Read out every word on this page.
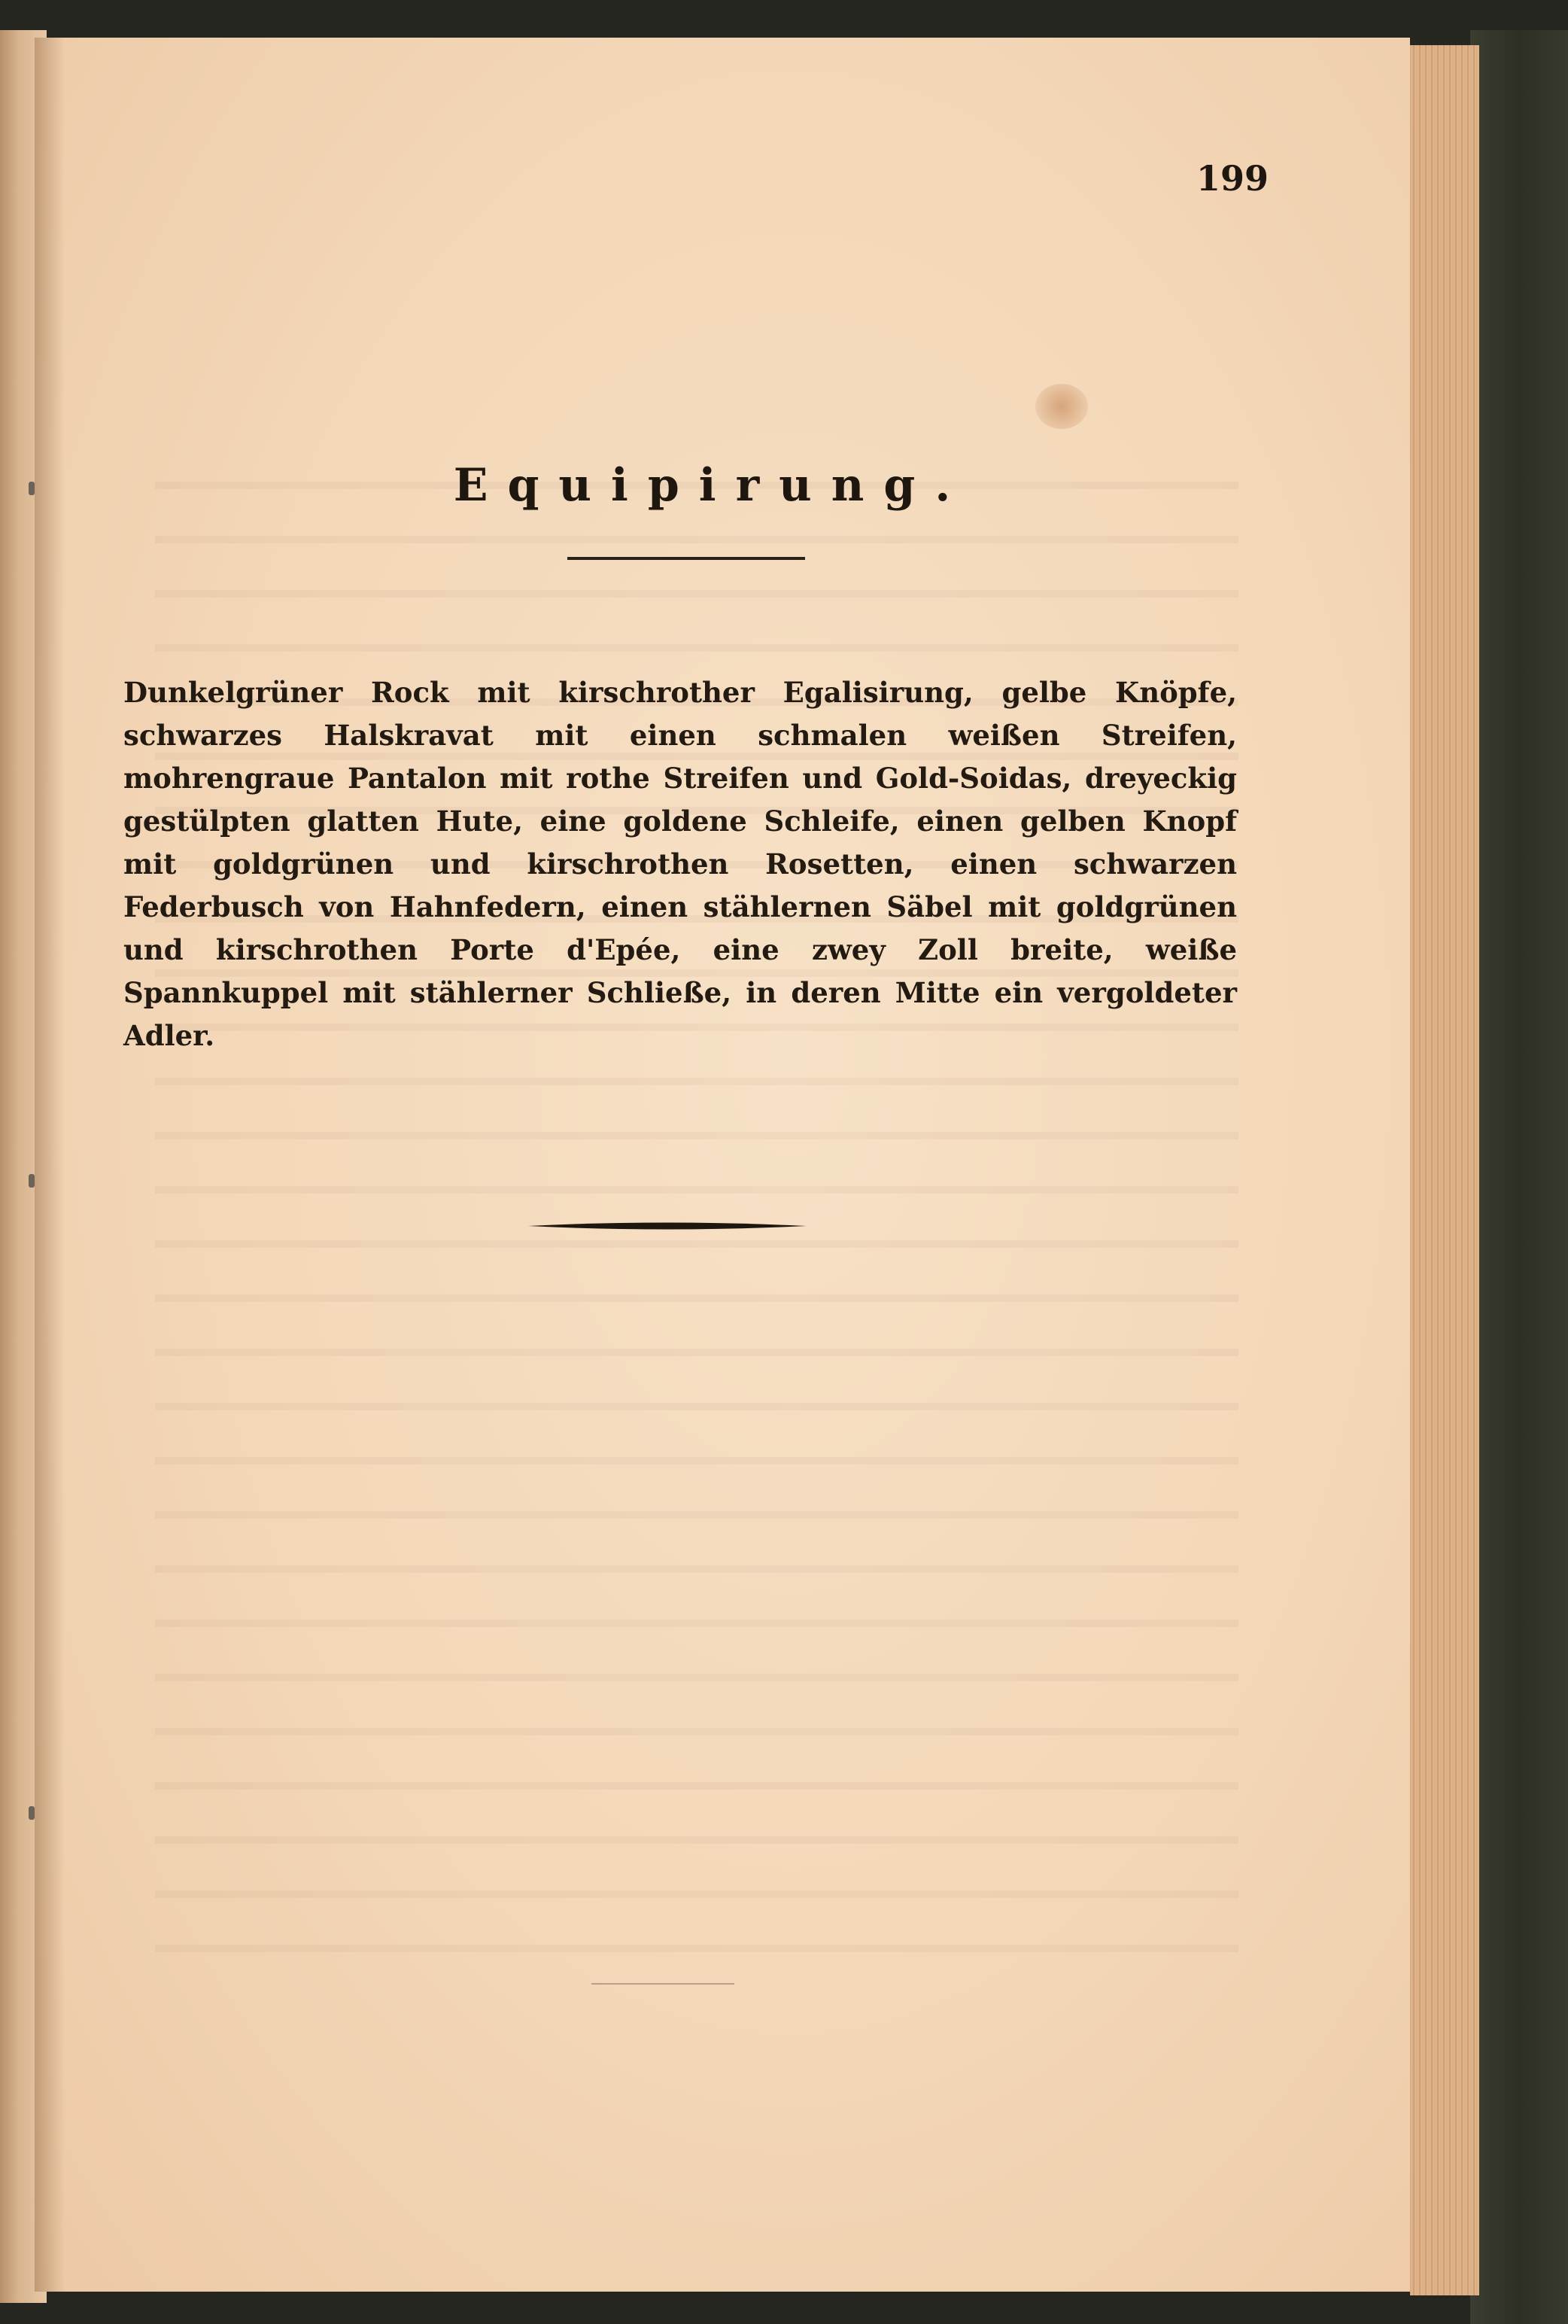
199
Equipirung.

Dunkelgrüner Rock mit kirschrother Egalisirung, gelbe Knöpfe, schwarzes Halskravat mit einen schmalen weißen Streifen, mohrengraue Pantalon mit rothe Streifen und Gold-Soidas, dreyeckig gestülpten glatten Hute, eine goldene Schleife, einen gelben Knopf mit goldgrünen und kirschrothen Rosetten, einen schwarzen Federbusch von Hahnfedern, einen stählernen Säbel mit goldgrünen und kirschrothen Porte d'Epée, eine zwey Zoll breite, weiße Spannkuppel mit stählerner Schließe, in deren Mitte ein vergoldeter Adler.
